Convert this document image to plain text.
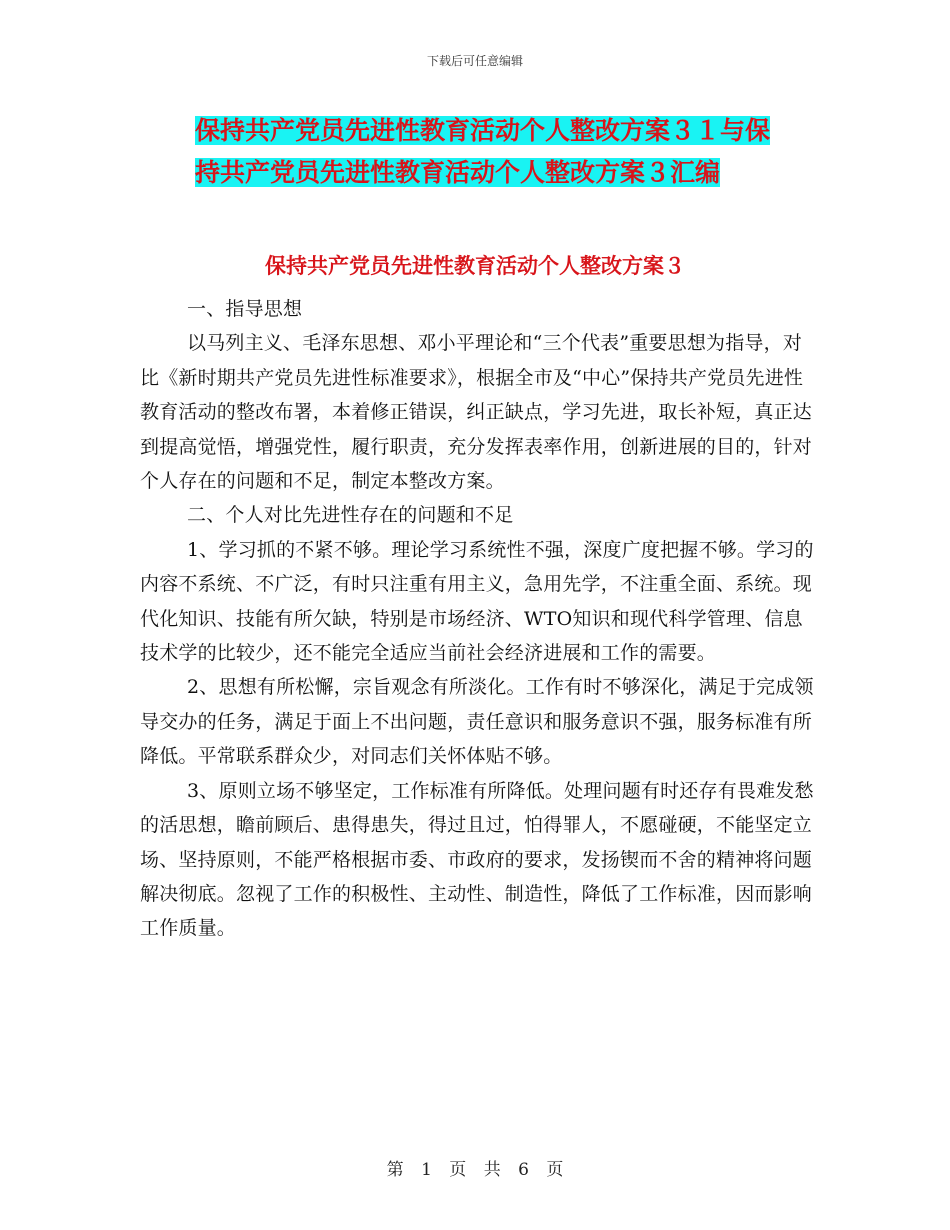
下载后可任意编辑
保持共产党员先进性教育活动个人整改方案３１与保
持共产党员先进性教育活动个人整改方案３汇编
保持共产党员先进性教育活动个人整改方案３

一、指导思想

以马列主义、毛泽东思想、邓小平理论和“三个代表”重要思想为指导，对比《新时期共产党员先进性标准要求》，根据全市及“中心”保持共产党员先进性教育活动的整改布署，本着修正错误，纠正缺点，学习先进，取长补短，真正达到提高觉悟，增强党性，履行职责，充分发挥表率作用，创新进展的目的，针对个人存在的问题和不足，制定本整改方案。

二、个人对比先进性存在的问题和不足

1、学习抓的不紧不够。理论学习系统性不强，深度广度把握不够。学习的内容不系统、不广泛，有时只注重有用主义，急用先学，不注重全面、系统。现代化知识、技能有所欠缺，特别是市场经济、WTO知识和现代科学管理、信息技术学的比较少，还不能完全适应当前社会经济进展和工作的需要。

2、思想有所松懈，宗旨观念有所淡化。工作有时不够深化，满足于完成领导交办的任务，满足于面上不出问题，责任意识和服务意识不强，服务标准有所降低。平常联系群众少，对同志们关怀体贴不够。

3、原则立场不够坚定，工作标准有所降低。处理问题有时还存有畏难发愁的活思想，瞻前顾后、患得患失，得过且过，怕得罪人，不愿碰硬，不能坚定立场、坚持原则，不能严格根据市委、市政府的要求，发扬锲而不舍的精神将问题解决彻底。忽视了工作的积极性、主动性、制造性，降低了工作标准，因而影响工作质量。

第 1 页 共 6 页
